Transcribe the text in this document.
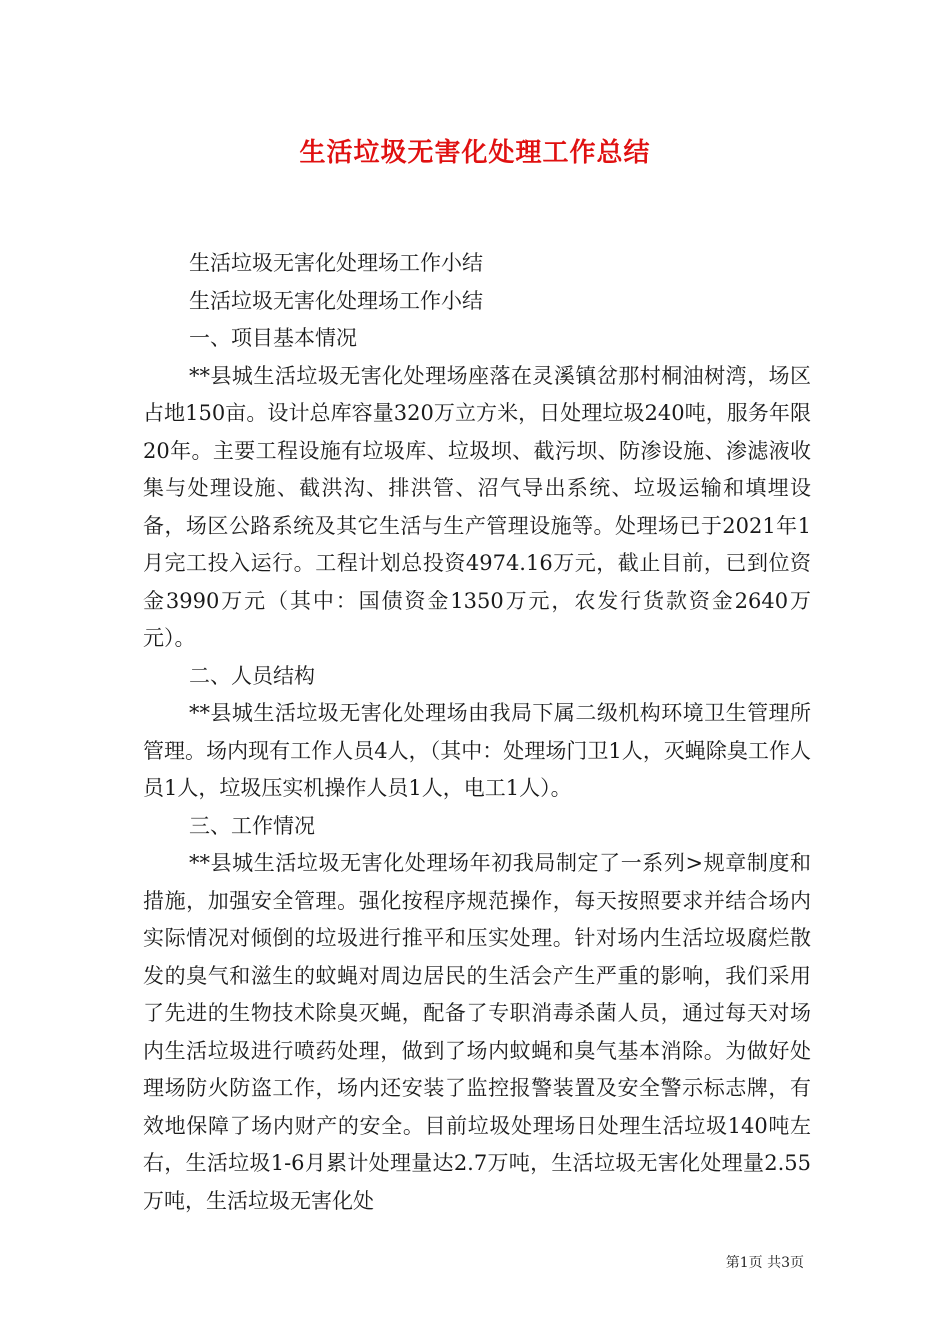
生活垃圾无害化处理工作总结

生活垃圾无害化处理场工作小结

生活垃圾无害化处理场工作小结

一、项目基本情况

**县城生活垃圾无害化处理场座落在灵溪镇岔那村桐油树湾，场区占地150亩。设计总库容量320万立方米，日处理垃圾240吨，服务年限20年。主要工程设施有垃圾库、垃圾坝、截污坝、防渗设施、渗滤液收集与处理设施、截洪沟、排洪管、沼气导出系统、垃圾运输和填埋设备，场区公路系统及其它生活与生产管理设施等。处理场已于2021年1月完工投入运行。工程计划总投资4974.16万元，截止目前，已到位资金3990万元（其中：国债资金1350万元，农发行货款资金2640万元）。

二、人员结构

**县城生活垃圾无害化处理场由我局下属二级机构环境卫生管理所管理。场内现有工作人员4人，（其中：处理场门卫1人，灭蝇除臭工作人员1人，垃圾压实机操作人员1人，电工1人）。

三、工作情况

**县城生活垃圾无害化处理场年初我局制定了一系列>规章制度和措施，加强安全管理。强化按程序规范操作，每天按照要求并结合场内实际情况对倾倒的垃圾进行推平和压实处理。针对场内生活垃圾腐烂散发的臭气和滋生的蚊蝇对周边居民的生活会产生严重的影响，我们采用了先进的生物技术除臭灭蝇，配备了专职消毒杀菌人员，通过每天对场内生活垃圾进行喷药处理，做到了场内蚊蝇和臭气基本消除。为做好处理场防火防盗工作，场内还安装了监控报警装置及安全警示标志牌，有效地保障了场内财产的安全。目前垃圾处理场日处理生活垃圾140吨左右，生活垃圾1-6月累计处理量达2.7万吨，生活垃圾无害化处理量2.55万吨，生活垃圾无害化处

第1页 共3页
